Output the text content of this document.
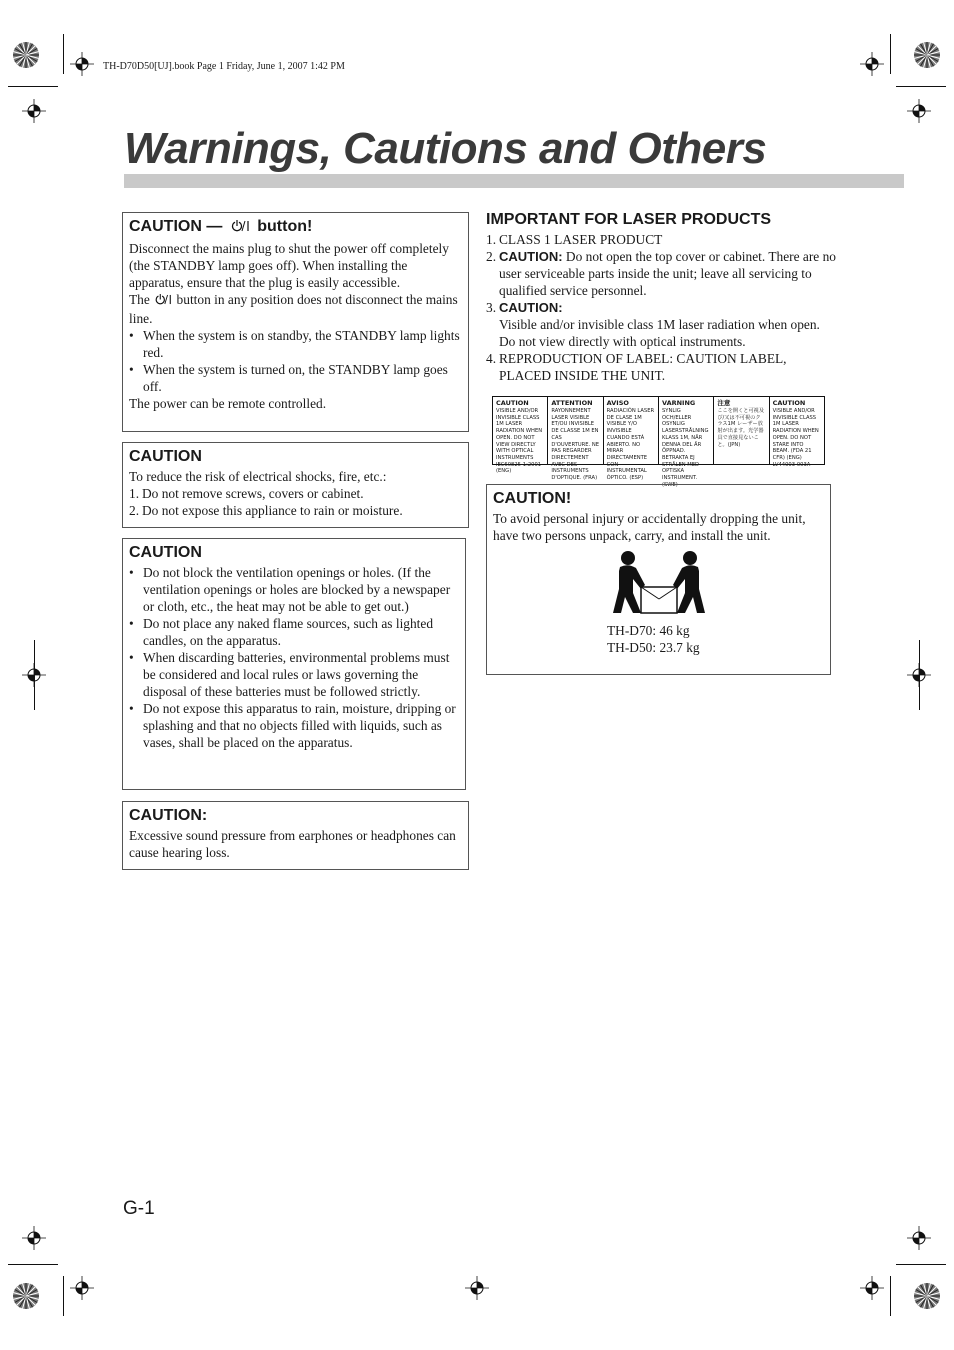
TH-D70D50[UJ].book Page 1 Friday, June 1, 2007 1:42 PM
Warnings, Cautions and Others
CAUTION — button!

Disconnect the mains plug to shut the power off completely (the STANDBY lamp goes off). When installing the apparatus, ensure that the plug is easily accessible.

The button in any position does not disconnect the mains line.

• When the system is on standby, the STANDBY lamp lights red.
• When the system is turned on, the STANDBY lamp goes off.

The power can be remote controlled.

CAUTION

To reduce the risk of electrical shocks, fire, etc.:

1. Do not remove screws, covers or cabinet.
2. Do not expose this appliance to rain or moisture.
CAUTION
• Do not block the ventilation openings or holes. (If the ventilation openings or holes are blocked by a newspaper or cloth, etc., the heat may not be able to get out.)
• Do not place any naked flame sources, such as lighted candles, on the apparatus.
• When discarding batteries, environmental problems must be considered and local rules or laws governing the disposal of these batteries must be followed strictly.
• Do not expose this apparatus to rain, moisture, dripping or splashing and that no objects filled with liquids, such as vases, shall be placed on the apparatus.
CAUTION:

Excessive sound pressure from earphones or headphones can cause hearing loss.

IMPORTANT FOR LASER PRODUCTS
1. CLASS 1 LASER PRODUCT
2. CAUTION: Do not open the top cover or cabinet. There are no user serviceable parts inside the unit; leave all servicing to qualified service personnel.
3. CAUTION:
Visible and/or invisible class 1M laser radiation when open. Do not view directly with optical instruments.
4. REPRODUCTION OF LABEL: CAUTION LABEL, PLACED INSIDE THE UNIT.
CAUTION
VISIBLE AND/OR INVISIBLE CLASS 1M LASER RADIATION WHEN OPEN. DO NOT VIEW DIRECTLY WITH OPTICAL INSTRUMENTS IEC60825-1:2001 (ENG)
ATTENTION
RAYONNEMENT LASER VISIBLE ET/OU INVISIBLE DE CLASSE 1M EN CAS D'OUVERTURE. NE PAS REGARDER DIRECTEMENT AVEC DES INSTRUMENTS D'OPTIQUE. (FRA)
AVISO
RADIACIÓN LASER DE CLASE 1M VISIBLE Y/O INVISIBLE CUANDO ESTÁ ABIERTO. NO MIRAR DIRECTAMENTE CON INSTRUMENTAL ÓPTICO. (ESP)
VARNING
SYNLIG OCH/ELLER OSYNLIG LASERSTRÅLNING KLASS 1M, NÄR DENNA DEL ÄR ÖPPNAD. BETRAKTA EJ STRÅLEN MED OPTISKA INSTRUMENT. (SWE)
注意
ここを開くと可視及び/又は不可視のクラス1M レーザー放射が出ます。光学器具で直接見ないこと。(JPN)
CAUTION
VISIBLE AND/OR INVISIBLE CLASS 1M LASER RADIATION WHEN OPEN. DO NOT STARE INTO BEAM. (FDA 21 CFR) (ENG) LV44003-003A
CAUTION!

To avoid personal injury or accidentally dropping the unit, have two persons unpack, carry, and install the unit.

TH-D70: 46 kg
TH-D50: 23.7 kg
G-1
